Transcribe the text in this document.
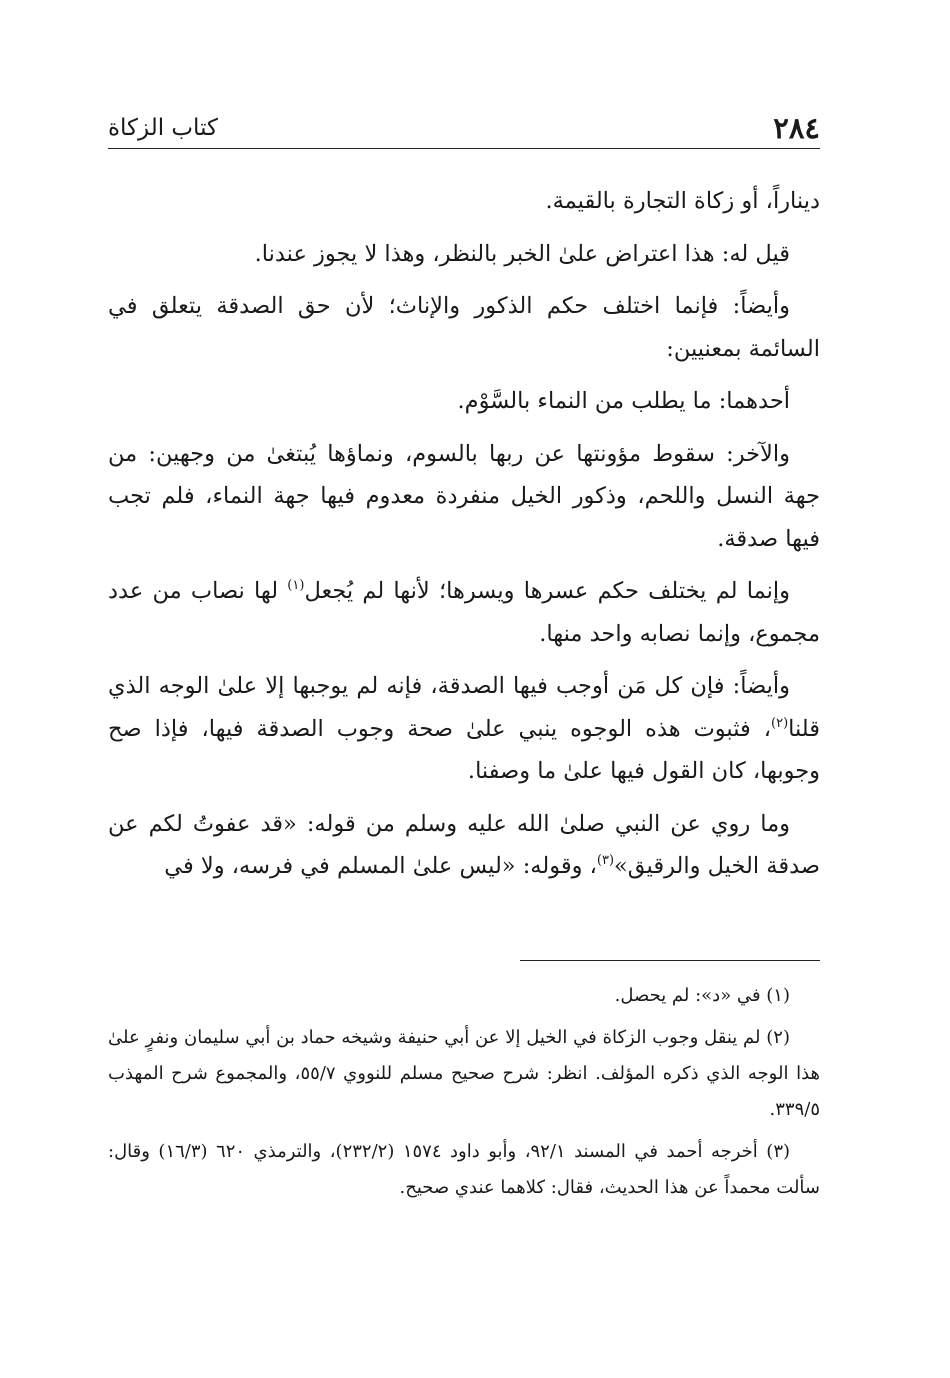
٢٨٤
كتاب الزكاة

ديناراً، أو زكاة التجارة بالقيمة.

قيل له: هذا اعتراض علىٰ الخبر بالنظر، وهذا لا يجوز عندنا.

وأيضاً: فإنما اختلف حكم الذكور والإناث؛ لأن حق الصدقة يتعلق في السائمة بمعنيين:

أحدهما: ما يطلب من النماء بالسَّوْم.

والآخر: سقوط مؤونتها عن ربها بالسوم، ونماؤها يُبتغىٰ من وجهين: من جهة النسل واللحم، وذكور الخيل منفردة معدوم فيها جهة النماء، فلم تجب فيها صدقة.

وإنما لم يختلف حكم عسرها ويسرها؛ لأنها لم يُجعل$^{(١)}$ لها نصاب من عدد مجموع، وإنما نصابه واحد منها.

وأيضاً: فإن كل مَن أوجب فيها الصدقة، فإنه لم يوجبها إلا علىٰ الوجه الذي قلنا$^{(٢)}$، فثبوت هذه الوجوه ينبي علىٰ صحة وجوب الصدقة فيها، فإذا صح وجوبها، كان القول فيها علىٰ ما وصفنا.

وما روي عن النبي صلىٰ الله عليه وسلم من قوله: «قد عفوتُ لكم عن صدقة الخيل والرقيق»$^{(٣)}$، وقوله: «ليس علىٰ المسلم في فرسه، ولا في

(١) في «د»: لم يحصل.

(٢) لم ينقل وجوب الزكاة في الخيل إلا عن أبي حنيفة وشيخه حماد بن أبي سليمان ونفرٍ علىٰ هذا الوجه الذي ذكره المؤلف. انظر: شرح صحيح مسلم للنووي ٥٥/٧، والمجموع شرح المهذب ٣٣٩/٥.

(٣) أخرجه أحمد في المسند ٩٢/١، وأبو داود ١٥٧٤ (٢٣٢/٢)، والترمذي ٦٢٠ (١٦/٣) وقال: سألت محمداً عن هذا الحديث، فقال: كلاهما عندي صحيح.
